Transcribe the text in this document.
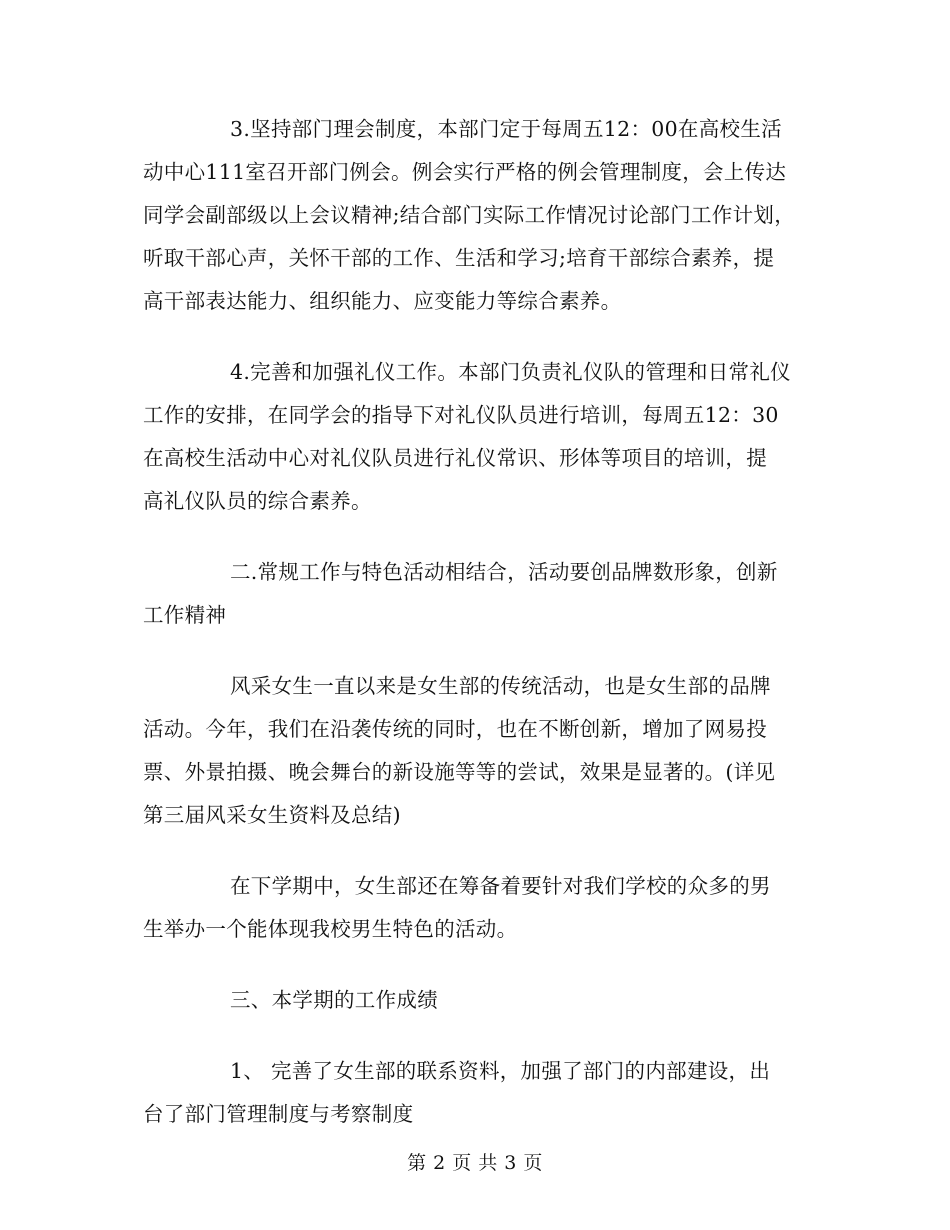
3.坚持部门理会制度，本部门定于每周五12：00在高校生活
动中心111室召开部门例会。例会实行严格的例会管理制度，会上传达
同学会副部级以上会议精神;结合部门实际工作情况讨论部门工作计划，
听取干部心声，关怀干部的工作、生活和学习;培育干部综合素养，提
高干部表达能力、组织能力、应变能力等综合素养。

4.完善和加强礼仪工作。本部门负责礼仪队的管理和日常礼仪
工作的安排，在同学会的指导下对礼仪队员进行培训，每周五12：30
在高校生活动中心对礼仪队员进行礼仪常识、形体等项目的培训，提
高礼仪队员的综合素养。

二.常规工作与特色活动相结合，活动要创品牌数形象，创新
工作精神

风采女生一直以来是女生部的传统活动，也是女生部的品牌
活动。今年，我们在沿袭传统的同时，也在不断创新，增加了网易投
票、外景拍摄、晚会舞台的新设施等等的尝试，效果是显著的。(详见
第三届风采女生资料及总结)

在下学期中，女生部还在筹备着要针对我们学校的众多的男
生举办一个能体现我校男生特色的活动。

三、本学期的工作成绩

1、 完善了女生部的联系资料，加强了部门的内部建设，出
台了部门管理制度与考察制度

第 2 页 共 3 页
